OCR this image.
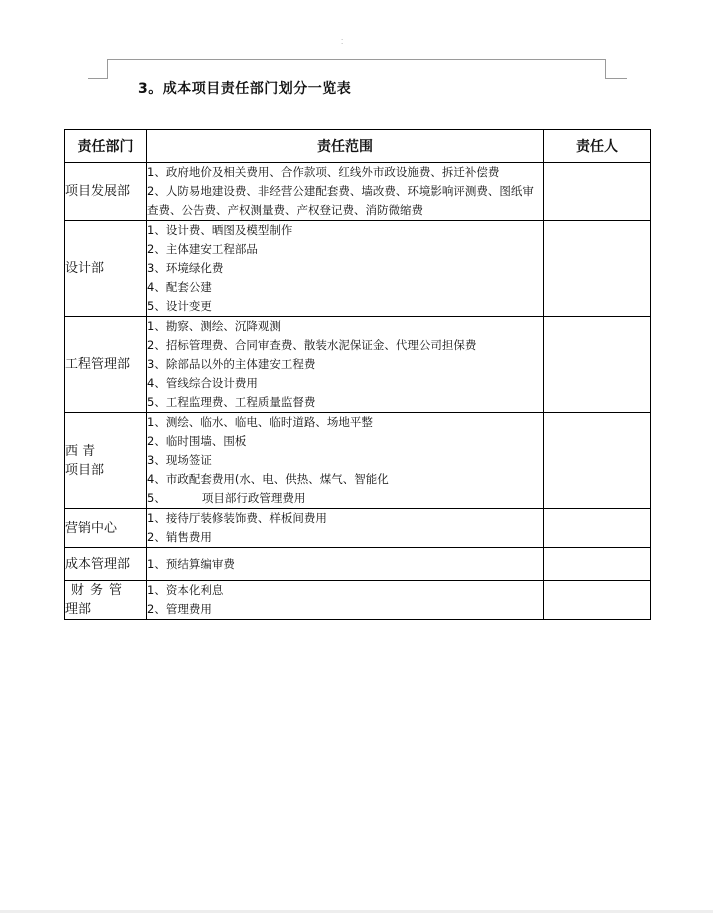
⁚
3。成本项目责任部门划分一览表
责任部门	责任范围	责任人
项目发展部	1、政府地价及相关费用、合作款项、红线外市政设施费、拆迁补偿费
2、人防易地建设费、非经营公建配套费、墙改费、环境影响评测费、图纸审查费、公告费、产权测量费、产权登记费、消防微缩费	

设计部	1、设计费、晒图及模型制作
2、主体建安工程部品
3、环境绿化费
4、配套公建
5、设计变更	

工程管理部	1、勘察、测绘、沉降观测
2、招标管理费、合同审查费、散装水泥保证金、代理公司担保费
3、除部品以外的主体建安工程费
4、管线综合设计费用
5、工程监理费、工程质量监督费	

西 青
项目部	1、测绘、临水、临电、临时道路、场地平整
2、临时围墙、围板
3、现场签证
4、市政配套费用(水、电、供热、煤气、智能化
5、 项目部行政管理费用	

营销中心	1、接待厅装修装饰费、样板间费用
2、销售费用	

成本管理部	1、预结算编审费	

财务管
理部	1、资本化利息
2、管理费用	
